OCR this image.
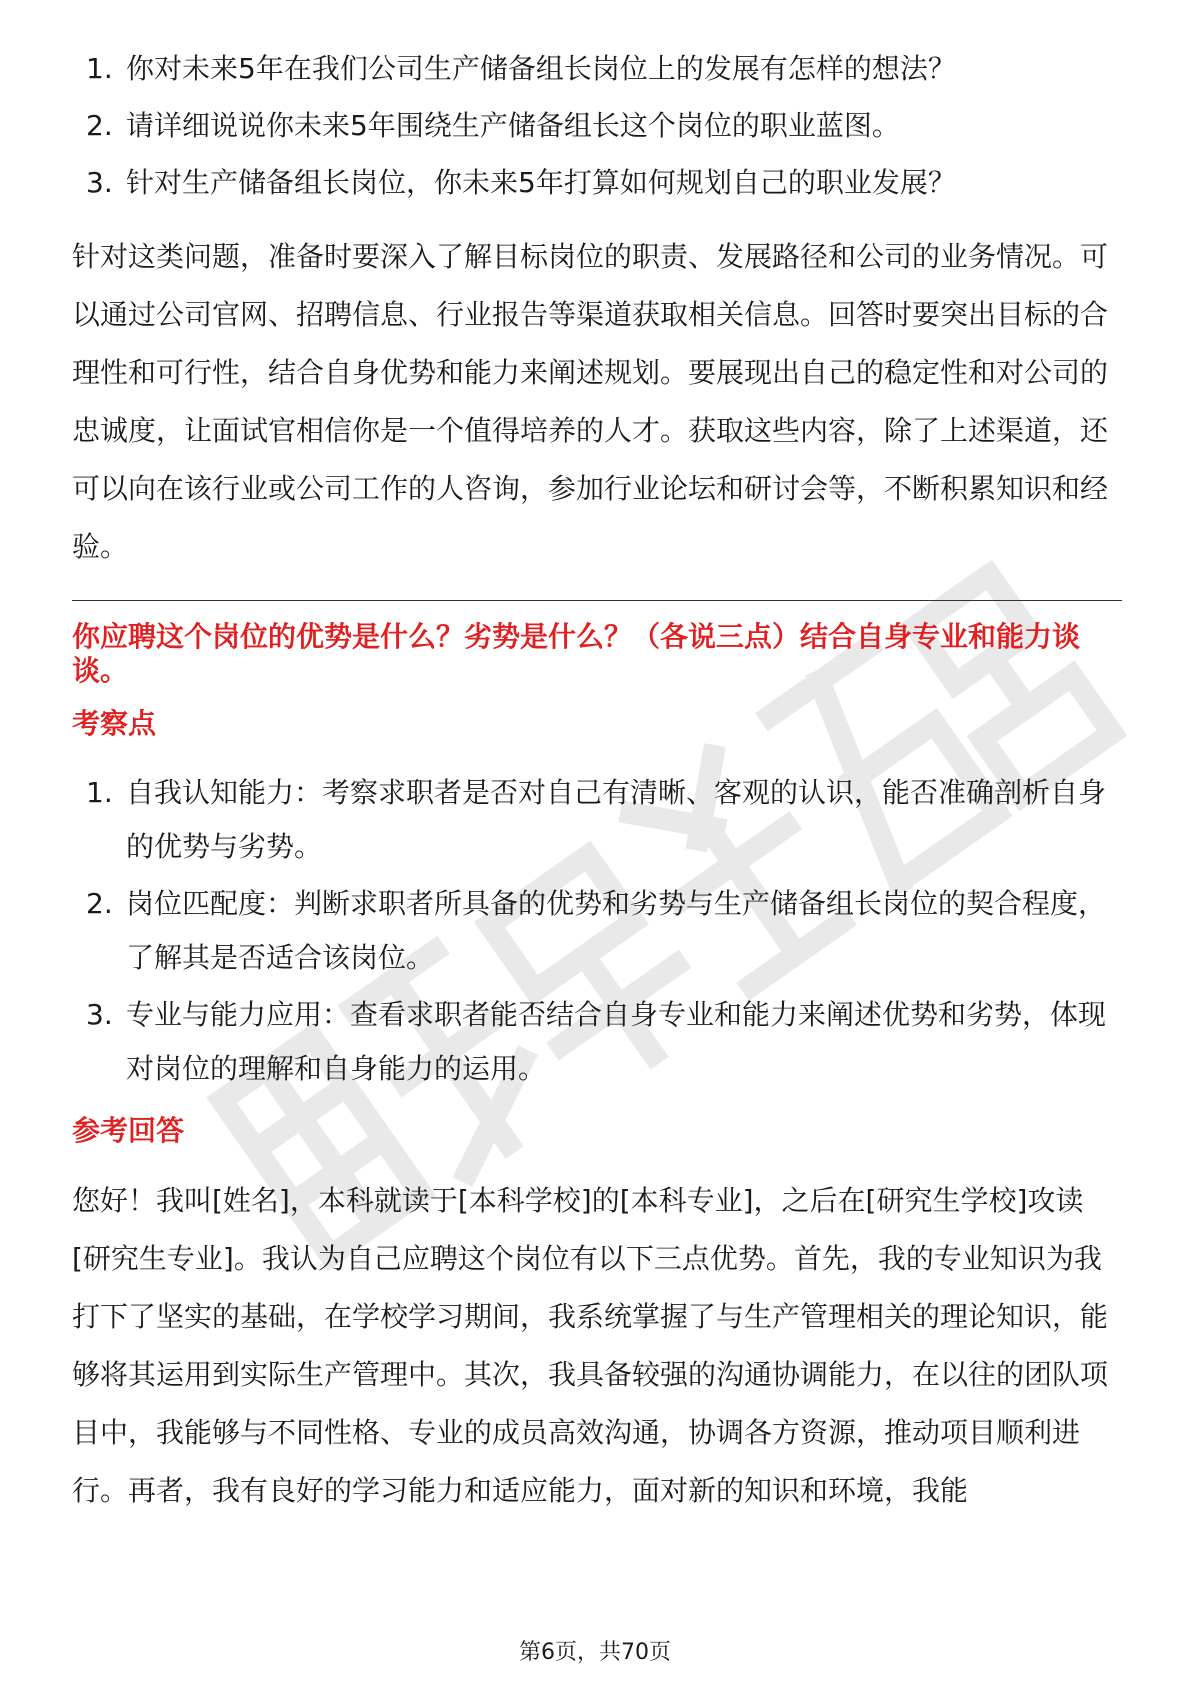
1. 你对未来5年在我们公司生产储备组长岗位上的发展有怎样的想法？
2. 请详细说说你未来5年围绕生产储备组长这个岗位的职业蓝图。
3. 针对生产储备组长岗位，你未来5年打算如何规划自己的职业发展？

针对这类问题，准备时要深入了解目标岗位的职责、发展路径和公司的业务情况。可以通过公司官网、招聘信息、行业报告等渠道获取相关信息。回答时要突出目标的合理性和可行性，结合自身优势和能力来阐述规划。要展现出自己的稳定性和对公司的忠诚度，让面试官相信你是一个值得培养的人才。获取这些内容，除了上述渠道，还可以向在该行业或公司工作的人咨询，参加行业论坛和研讨会等，不断积累知识和经验。

你应聘这个岗位的优势是什么？劣势是什么？（各说三点）结合自身专业和能力谈谈。

考察点

1. 自我认知能力：考察求职者是否对自己有清晰、客观的认识，能否准确剖析自身的优势与劣势。
2. 岗位匹配度：判断求职者所具备的优势和劣势与生产储备组长岗位的契合程度，了解其是否适合该岗位。
3. 专业与能力应用：查看求职者能否结合自身专业和能力来阐述优势和劣势，体现对岗位的理解和自身能力的运用。

参考回答

您好！我叫[姓名]，本科就读于[本科学校]的[本科专业]，之后在[研究生学校]攻读[研究生专业]。我认为自己应聘这个岗位有以下三点优势。首先，我的专业知识为我打下了坚实的基础，在学校学习期间，我系统掌握了与生产管理相关的理论知识，能够将其运用到实际生产管理中。其次，我具备较强的沟通协调能力，在以往的团队项目中，我能够与不同性格、专业的成员高效沟通，协调各方资源，推动项目顺利进行。再者，我有良好的学习能力和适应能力，面对新的知识和环境，我能

第6页，共70页
